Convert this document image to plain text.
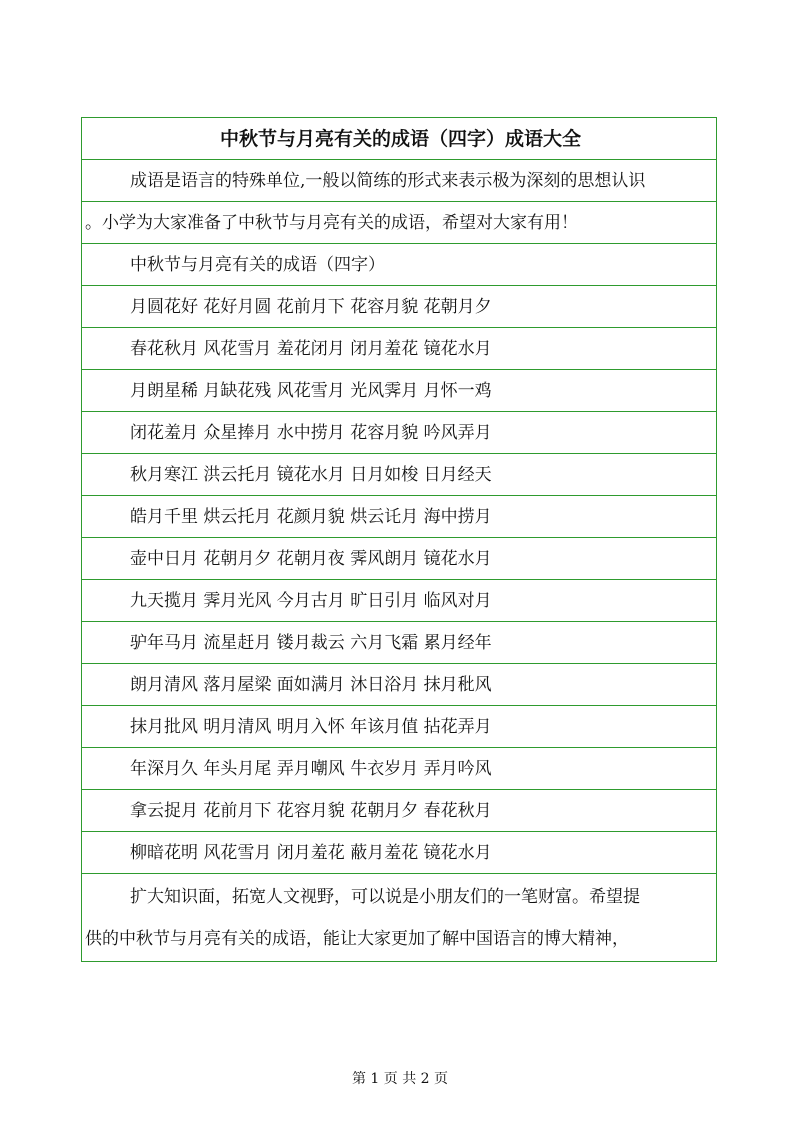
中秋节与月亮有关的成语（四字）成语大全
成语是语言的特殊单位,一般以简练的形式来表示极为深刻的思想认识

。小学为大家准备了中秋节与月亮有关的成语，希望对大家有用！

中秋节与月亮有关的成语（四字）
月圆花好 花好月圆 花前月下 花容月貌 花朝月夕
春花秋月 风花雪月 羞花闭月 闭月羞花 镜花水月
月朗星稀 月缺花残 风花雪月 光风霁月 月怀一鸡
闭花羞月 众星捧月 水中捞月 花容月貌 吟风弄月
秋月寒江 洪云托月 镜花水月 日月如梭 日月经天
皓月千里 烘云托月 花颜月貌 烘云讬月 海中捞月
壶中日月 花朝月夕 花朝月夜 霁风朗月 镜花水月
九天揽月 霁月光风 今月古月 旷日引月 临风对月
驴年马月 流星赶月 镂月裁云 六月飞霜 累月经年
朗月清风 落月屋梁 面如满月 沐日浴月 抹月秕风
抹月批风 明月清风 明月入怀 年该月值 拈花弄月
年深月久 年头月尾 弄月嘲风 牛衣岁月 弄月吟风
拿云捉月 花前月下 花容月貌 花朝月夕 春花秋月
柳暗花明 风花雪月 闭月羞花 蔽月羞花 镜花水月

扩大知识面，拓宽人文视野，可以说是小朋友们的一笔财富。希望提
供的中秋节与月亮有关的成语，能让大家更加了解中国语言的博大精神，
第 1 页 共 2 页
